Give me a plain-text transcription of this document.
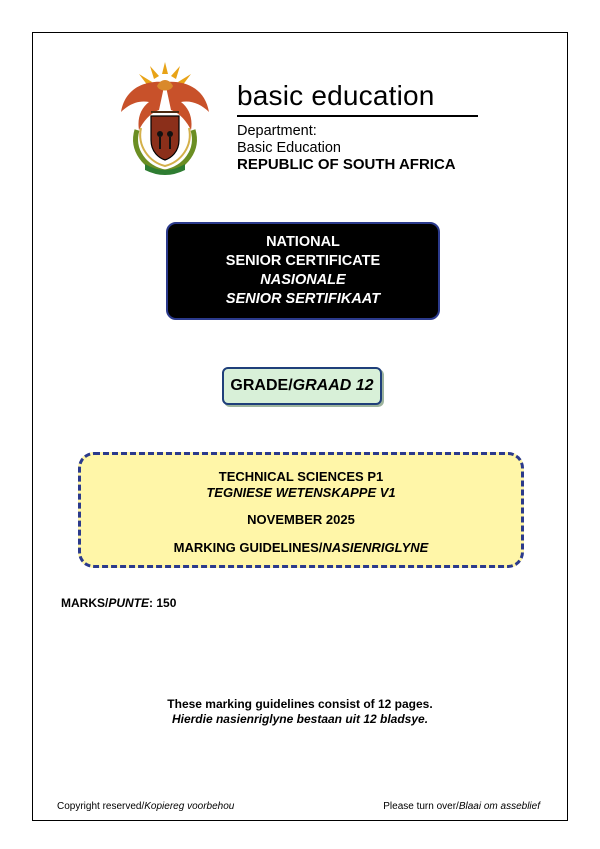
basic education
Department:
Basic Education
REPUBLIC OF SOUTH AFRICA
NATIONAL
SENIOR CERTIFICATE
NASIONALE
SENIOR SERTIFIKAAT
GRADE/GRAAD 12
TECHNICAL SCIENCES P1
TEGNIESE WETENSKAPPE V1
NOVEMBER 2025
MARKING GUIDELINES/NASIENRIGLYNE
MARKS/PUNTE: 150
These marking guidelines consist of 12 pages.
Hierdie nasienriglyne bestaan uit 12 bladsye.
Copyright reserved/Kopiereg voorbehou	Please turn over/Blaai om asseblief
